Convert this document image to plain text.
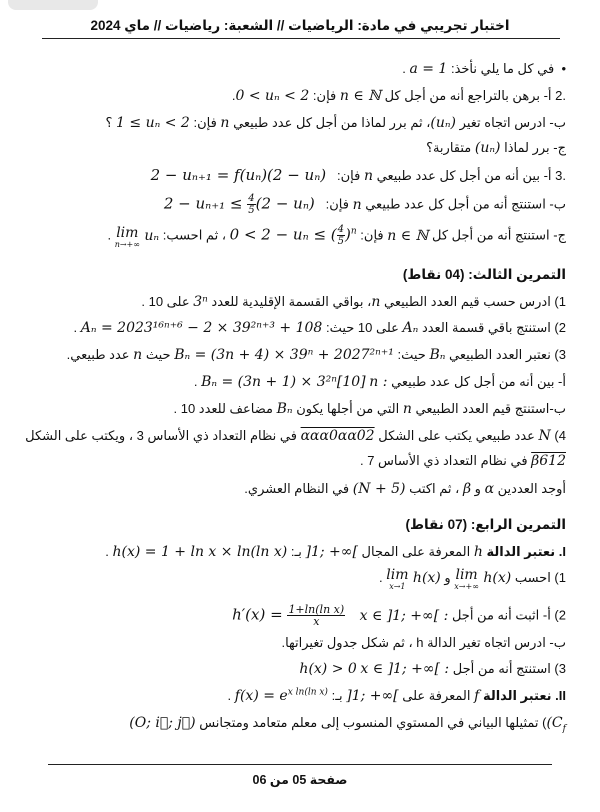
اختبار تجريبي في مادة: الرياضيات // الشعبة: رياضيات // ماي 2024
•  في كل ما يلي نأخذ: a = 1 .
.2 أ- برهن بالتراجع أنه من أجل كل n ∈ ℕ فإن: 0 < uₙ < 2.
ب- ادرس اتجاه تغير (uₙ)، ثم برر لماذا من أجل كل عدد طبيعي n فإن: 1 ≤ uₙ < 2 ؟
ج- برر لماذا (uₙ) متقاربة؟
.3 أ- بين أنه من أجل كل عدد طبيعي n فإن:   2 − uₙ₊₁ = f(uₙ)(2 − uₙ)
ب- استنتج أنه من أجل كل عدد طبيعي n فإن:   $2 - u_{n+1} \le \frac{4}{5} (2 - u_n)$
ج- استنتج أنه من أجل كل n ∈ ℕ فإن: 0 < 2 − uₙ ≤ ( $\frac{4}{5} )^n$ ، ثم احسب:
lim
n→+∞
uₙ .
التمرين الثالث: (04 نقاط)
1) ادرس حسب قيم العدد الطبيعي n، بواقي القسمة الإقليدية للعدد 3ⁿ على 10 .
2) استنتج باقي قسمة العدد Aₙ على 10 حيث: Aₙ = 2023¹⁶ⁿ⁺⁶ − 2 × 39²ⁿ⁺³ + 108 .
3) نعتبر العدد الطبيعي Bₙ حيث: Bₙ = (3n + 4) × 39ⁿ + 2027²ⁿ⁺¹ حيث n عدد طبيعي.
أ- بين أنه من أجل كل عدد طبيعي n : Bₙ = (3n + 1) × 3²ⁿ[10] .
ب-استنتج قيم العدد الطبيعي n التي من أجلها يكون Bₙ مضاعف للعدد 10 .
4) N عدد طبيعي يكتب على الشكل ααα0αα02 في نظام التعداد ذي الأساس 3 ، ويكتب على الشكل
β612 في نظام التعداد ذي الأساس 7 .
أوجد العددين α و β ، ثم اكتب (N + 5) في النظام العشري.
التمرين الرابع: (07 نقاط)
I. نعتبر الدالة h المعرفة على المجال ]1; +∞[ بـ: h(x) = 1 + ln x × ln(ln x) .
1) احسب
lim
x→+∞
h(x) و
lim
x→1
h(x) .
2) أ- اثبت أنه من أجل x ∈ ]1; +∞[ :    $h'(x) = \frac{\text{1+ln(ln x)}}{x}$
ب- ادرس اتجاه تغير الدالة h ، ثم شكل جدول تغيراتها.
3) استنتج أنه من أجل x ∈ ]1; +∞[ : h(x) > 0
II. نعتبر الدالة f المعرفة على ]1; +∞[ بـ: $f(x) = e^{x ln(ln x)}$ .
$(C_f)$ تمثيلها البياني في المستوي المنسوب إلى معلم متعامد ومتجانس (O; i⃗; j⃗)
صفحة 05 من 06
